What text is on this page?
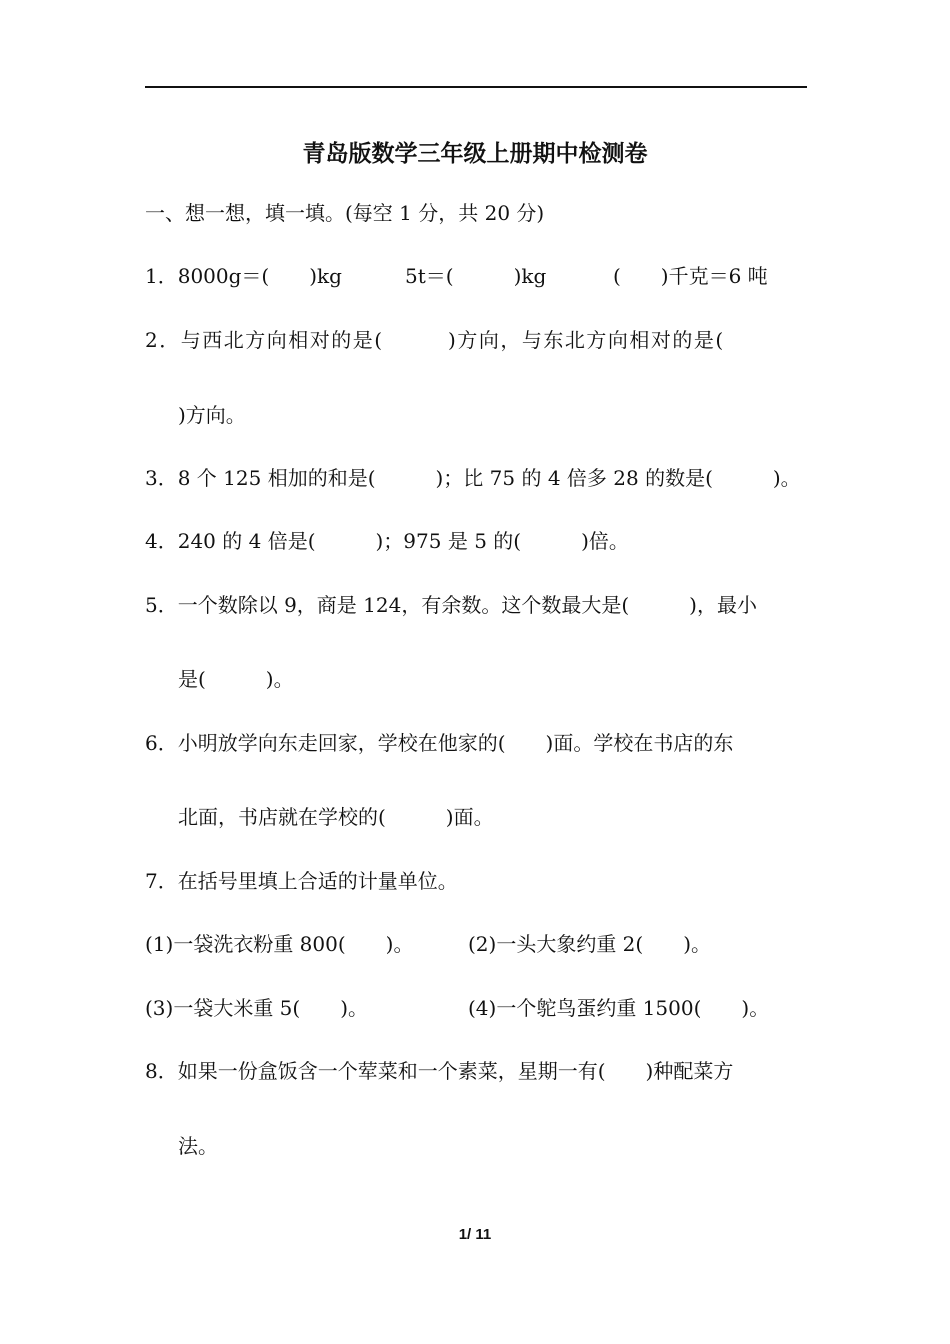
青岛版数学三年级上册期中检测卷
一、想一想，填一填。(每空 1 分，共 20 分)
1．8000g＝(　　)kg	5t＝(　　　)kg	(　　)千克＝6 吨
2．与西北方向相对的是(　　　)方向，与东北方向相对的是(
)方向。
3．8 个 125 相加的和是(　　　)；比 75 的 4 倍多 28 的数是(　　　)。
4．240 的 4 倍是(　　　)；975 是 5 的(　　　)倍。
5．一个数除以 9，商是 124，有余数。这个数最大是(　　　)，最小
是(　　　)。
6．小明放学向东走回家，学校在他家的(　　)面。学校在书店的东
北面，书店就在学校的(　　　)面。
7．在括号里填上合适的计量单位。
(1)一袋洗衣粉重 800(　　)。	(2)一头大象约重 2(　　)。
(3)一袋大米重 5(　　)。	(4)一个鸵鸟蛋约重 1500(　　)。
8．如果一份盒饭含一个荤菜和一个素菜，星期一有(　　)种配菜方
法。
1/ 11
